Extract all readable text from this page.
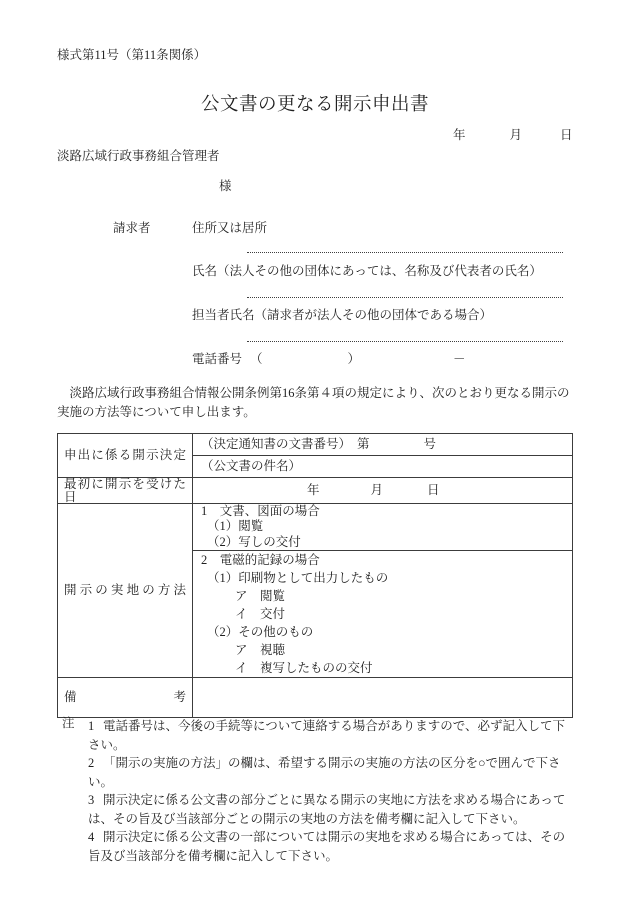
様式第11号（第11条関係）
公文書の更なる開示申出書
年	月	日
淡路広域行政事務組合管理者
様
請求者	住所又は居所
氏名（法人その他の団体にあっては、名称及び代表者の氏名）
担当者氏名（請求者が法人その他の団体である場合）
電話番号 （	）	－

　淡路広域行政事務組合情報公開条例第16条第４項の規定により、次のとおり更なる開示の実施の方法等について申し出ます。

申出に係る開示決定	（決定通知書の文書番号） 第 号
	（公文書の件名）
最初に開示を受けた日	年 月 日
開示の実地の方法	1　文書、図面の場合
（1）閲覧
（2）写しの交付

2　電磁的記録の場合
（1）印刷物として出力したもの
ア　閲覧
イ　交付
（2）その他のもの
ア　視聴
イ　複写したものの交付

備考	
注 1 電話番号は、今後の手続等について連絡する場合がありますので、必ず記入して下さい。
2 「開示の実施の方法」の欄は、希望する開示の実施の方法の区分を○で囲んで下さい。
3 開示決定に係る公文書の部分ごとに異なる開示の実地に方法を求める場合にあっては、その旨及び当該部分ごとの開示の実地の方法を備考欄に記入して下さい。
4 開示決定に係る公文書の一部については開示の実地を求める場合にあっては、その旨及び当該部分を備考欄に記入して下さい。
